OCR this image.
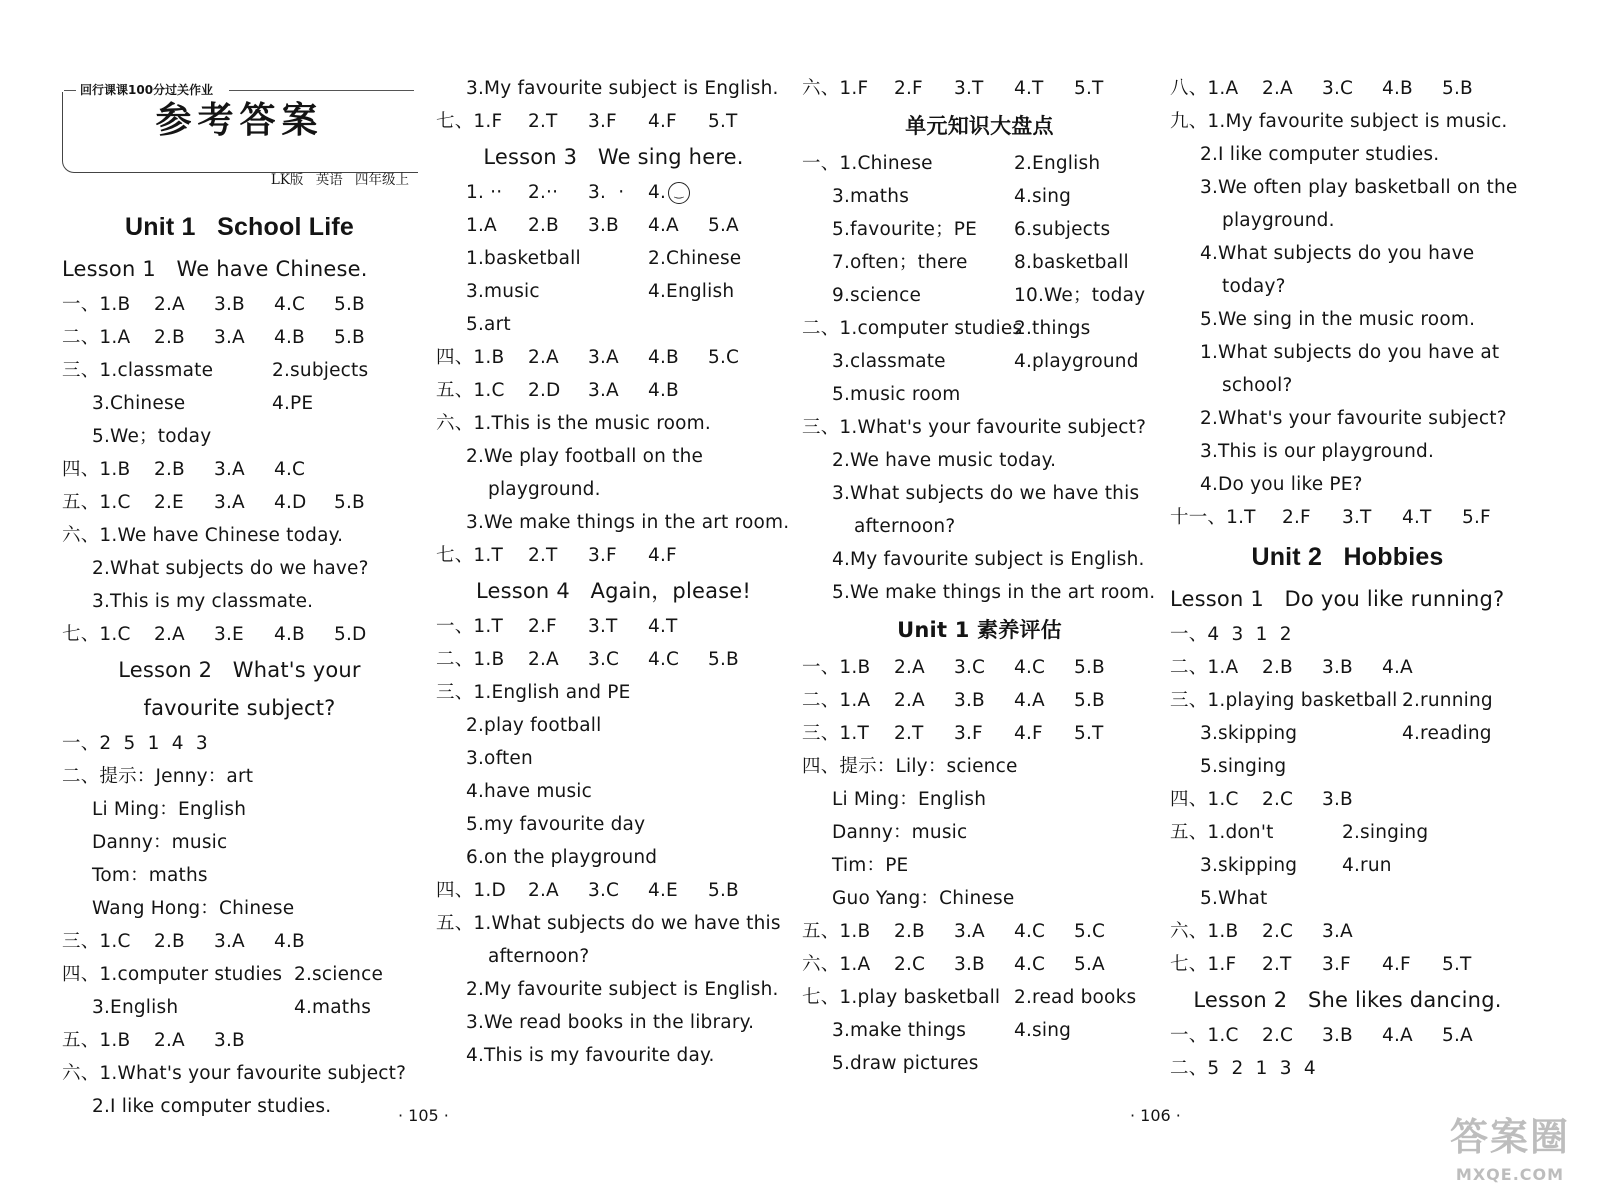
回行课课100分过关作业
参考答案
LK版 英语 四年级上
Unit 1   School Life
Lesson 1   We have Chinese.
一、1.B 2.A 3.B 4.C 5.B
二、1.A 2.B 3.A 4.B 5.B
三、1.classmate	2.subjects
3.Chinese	4.PE
5.We；today
四、1.B 2.B 3.A 4.C
五、1.C 2.E 3.A 4.D 5.B
六、1.We have Chinese today.
2.What subjects do we have?
3.This is my classmate.
七、1.C 2.A 3.E 4.B 5.D
Lesson 2   What's your
favourite subject?
一、2  5  1  4  3
二、提示：Jenny：art
Li Ming：English
Danny：music
Tom：maths
Wang Hong：Chinese
三、1.C 2.B 3.A 4.B
四、1.computer studies 2.science
3.English	4.maths
五、1.B 2.A 3.B
六、1.What's your favourite subject?
2.I like computer studies.
3.My favourite subject is English.
七、1.F 2.T 3.F 4.F 5.T
Lesson 3   We sing here.
1. ·· 2.·· 3.  · 4. ‿
1.A 2.B 3.B 4.A 5.A
1.basketball	2.Chinese
3.music	4.English
5.art
四、1.B 2.A 3.A 4.B 5.C
五、1.C 2.D 3.A 4.B
六、1.This is the music room.
2.We play football on the
playground.
3.We make things in the art room.
七、1.T 2.T 3.F 4.F
Lesson 4   Again，please!
一、1.T 2.F 3.T 4.T
二、1.B 2.A 3.C 4.C 5.B
三、1.English and PE
2.play football
3.often
4.have music
5.my favourite day
6.on the playground
四、1.D 2.A 3.C 4.E 5.B
五、1.What subjects do we have this
afternoon?
2.My favourite subject is English.
3.We read books in the library.
4.This is my favourite day.
· 105 ·
六、1.F 2.F 3.T 4.T 5.T
单元知识大盘点
一、1.Chinese	2.English
3.maths	4.sing
5.favourite；PE 6.subjects
7.often；there	8.basketball
9.science	10.We；today
二、1.computer studies
2.things
3.classmate	4.playground
5.music room
三、1.What's your favourite subject?
2.We have music today.
3.What subjects do we have this
afternoon?
4.My favourite subject is English.
5.We make things in the art room.
Unit 1 素养评估
一、1.B 2.A 3.C 4.C 5.B
二、1.A 2.A 3.B 4.A 5.B
三、1.T 2.T 3.F 4.F 5.T
四、提示：Lily：science
Li Ming：English
Danny：music
Tim：PE
Guo Yang：Chinese
五、1.B 2.B 3.A 4.C 5.C
六、1.A 2.C 3.B 4.C 5.A
七、1.play basketball 2.read books
3.make things	4.sing
5.draw pictures
八、1.A 2.A 3.C 4.B 5.B
九、1.My favourite subject is music.
2.I like computer studies.
3.We often play basketball on the
playground.
4.What subjects do you have
today?
5.We sing in the music room.
1.What subjects do you have at
school?
2.What's your favourite subject?
3.This is our playground.
4.Do you like PE?
十一、1.T 2.F 3.T 4.T 5.F
Unit 2   Hobbies
Lesson 1   Do you like running?
一、4  3  1  2
二、1.A 2.B 3.B 4.A
三、1.playing basketball 2.running
3.skipping	4.reading
5.singing
四、1.C 2.C 3.B
五、1.don't	2.singing
3.skipping 4.run
5.What
六、1.B 2.C 3.A
七、1.F 2.T 3.F 4.F 5.T
Lesson 2   She likes dancing.
一、1.C 2.C 3.B 4.A 5.A
二、5  2  1  3  4
· 106 ·	答案圈
MXQE.COM
